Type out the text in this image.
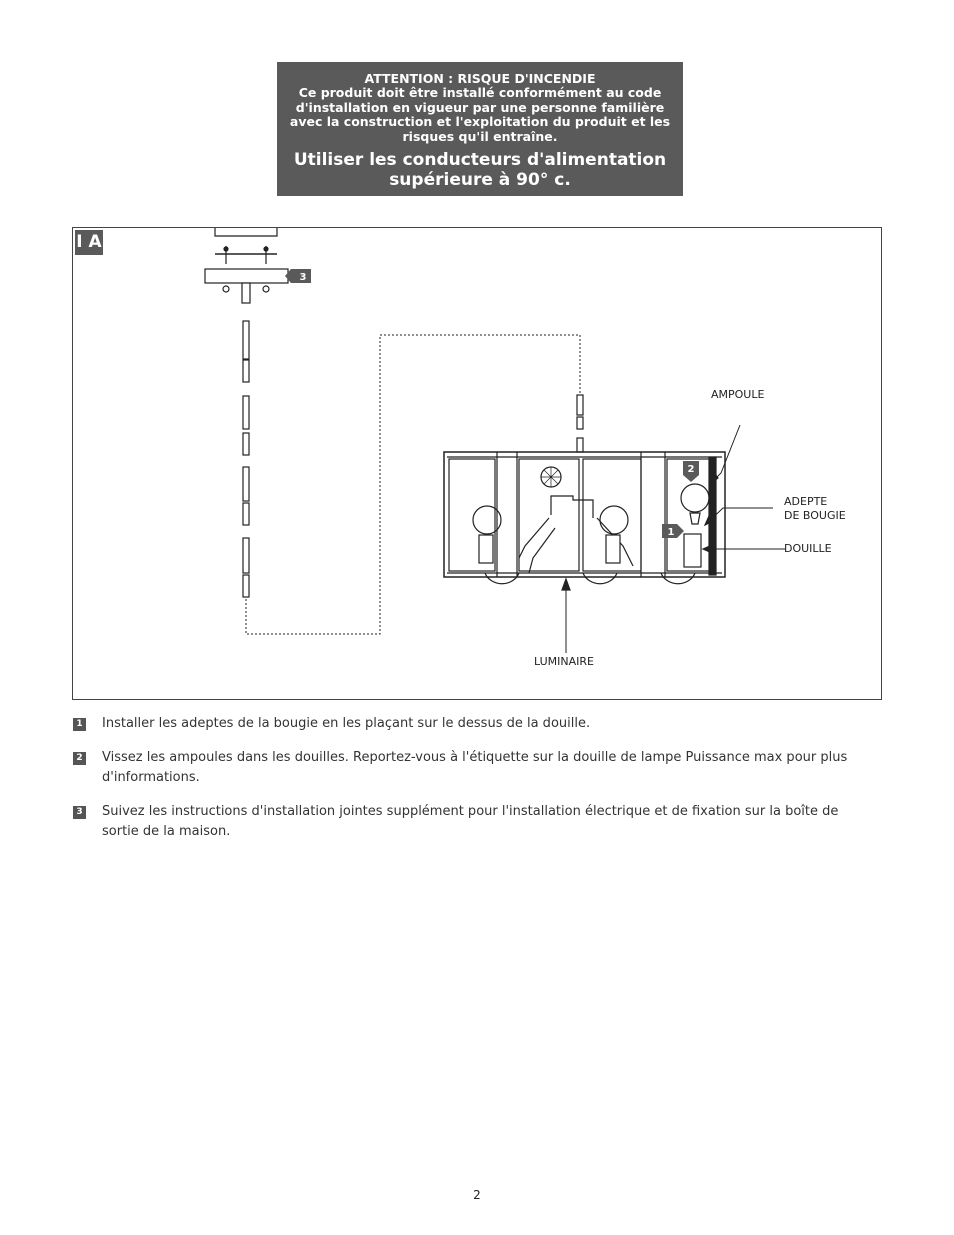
ATTENTION : RISQUE D'INCENDIE
Ce produit doit être installé conformément au code d'installation en vigueur par une personne familière avec la construction et l'exploitation du produit et les risques qu'il entraîne.
Utiliser les conducteurs d'alimentation supérieure à 90° c.
3
2
1
I A
AMPOULE
ADEPTE
DE BOUGIE
DOUILLE
LUMINAIRE
1 Installer les adeptes de la bougie en les plaçant sur le dessus de la douille.
2 Vissez les ampoules dans les douilles. Reportez-vous à l'étiquette sur la douille de lampe Puissance max pour plus d'informations.
3 Suivez les instructions d'installation jointes supplément pour l'installation électrique et de fixation sur la boîte de sortie de la maison.
2
